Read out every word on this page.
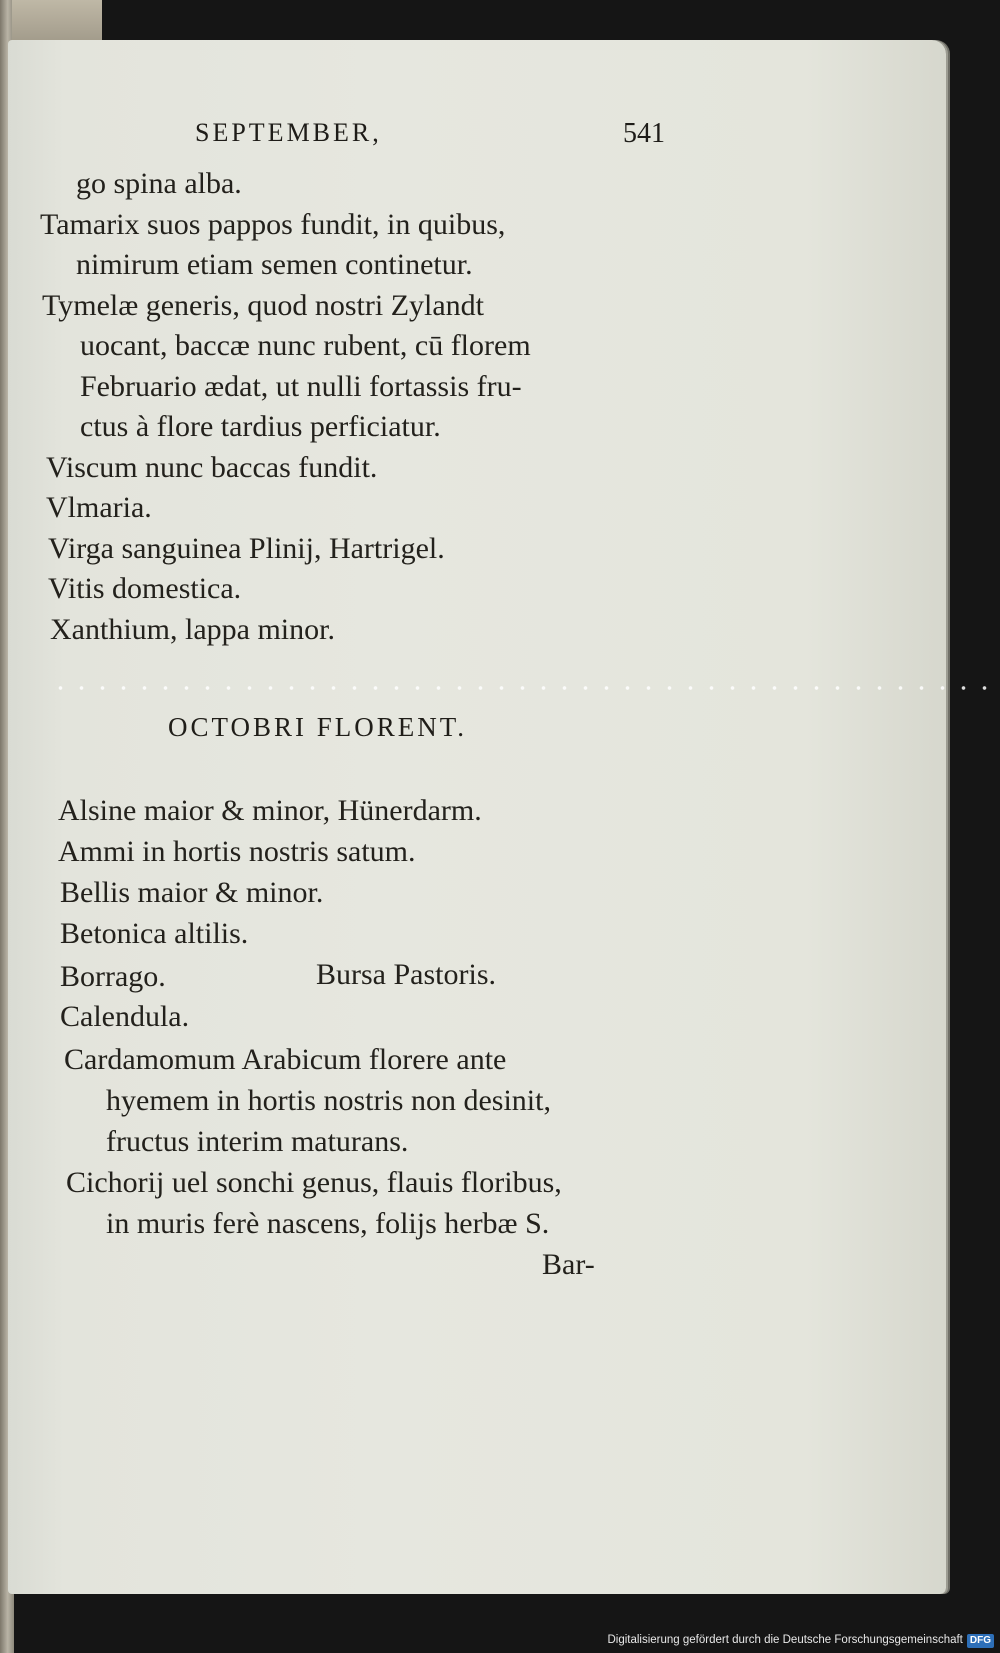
SEPTEMBER,	541
go spina alba.
Tamarix suos pappos fundit, in quibus,
nimirum etiam semen continetur.
Tymelæ generis, quod nostri Zylandt
uocant, baccæ nunc rubent, cū florem
Februario ædat, ut nulli fortassis fru-
ctus à flore tardius perficiatur.
Viscum nunc baccas fundit.
Vlmaria.
Virga sanguinea Plinij, Hartrigel.
Vitis domestica.
Xanthium, lappa minor.
OCTOBRI FLORENT.
Alsine maior & minor, Hünerdarm.
Ammi in hortis nostris satum.
Bellis maior & minor.
Betonica altilis.
Borrago.	Bursa Pastoris.
Calendula.
Cardamomum Arabicum florere ante
hyemem in hortis nostris non desinit,
fructus interim maturans.
Cichorij uel sonchi genus, flauis floribus,
in muris ferè nascens, folijs herbæ S.
Bar-
Digitalisierung gefördert durch die Deutsche Forschungsgemeinschaft DFG
